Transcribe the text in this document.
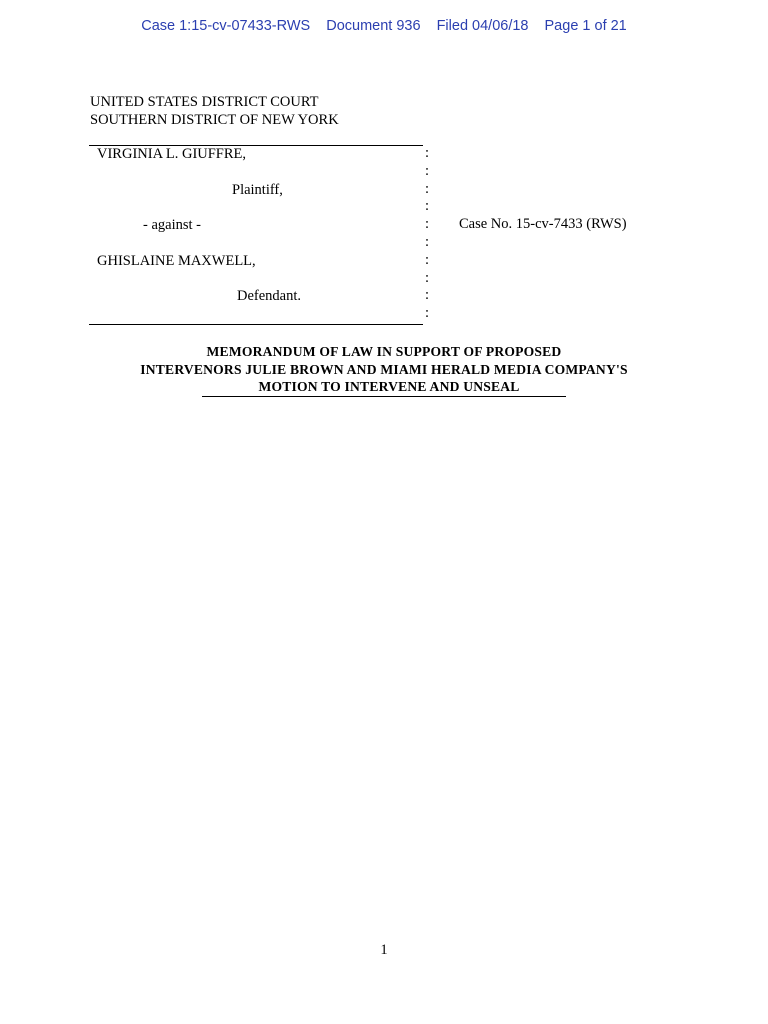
Case 1:15-cv-07433-RWS Document 936 Filed 04/06/18 Page 1 of 21
UNITED STATES DISTRICT COURT
SOUTHERN DISTRICT OF NEW YORK
VIRGINIA L. GIUFFRE,
Plaintiff,
- against -
GHISLAINE MAXWELL,
Defendant.
:
:
:
:
:
:
:
:
:
:
Case No. 15-cv-7433 (RWS)
MEMORANDUM OF LAW IN SUPPORT OF PROPOSED
INTERVENORS JULIE BROWN AND MIAMI HERALD MEDIA COMPANY'S
MOTION TO INTERVENE AND UNSEAL
1
